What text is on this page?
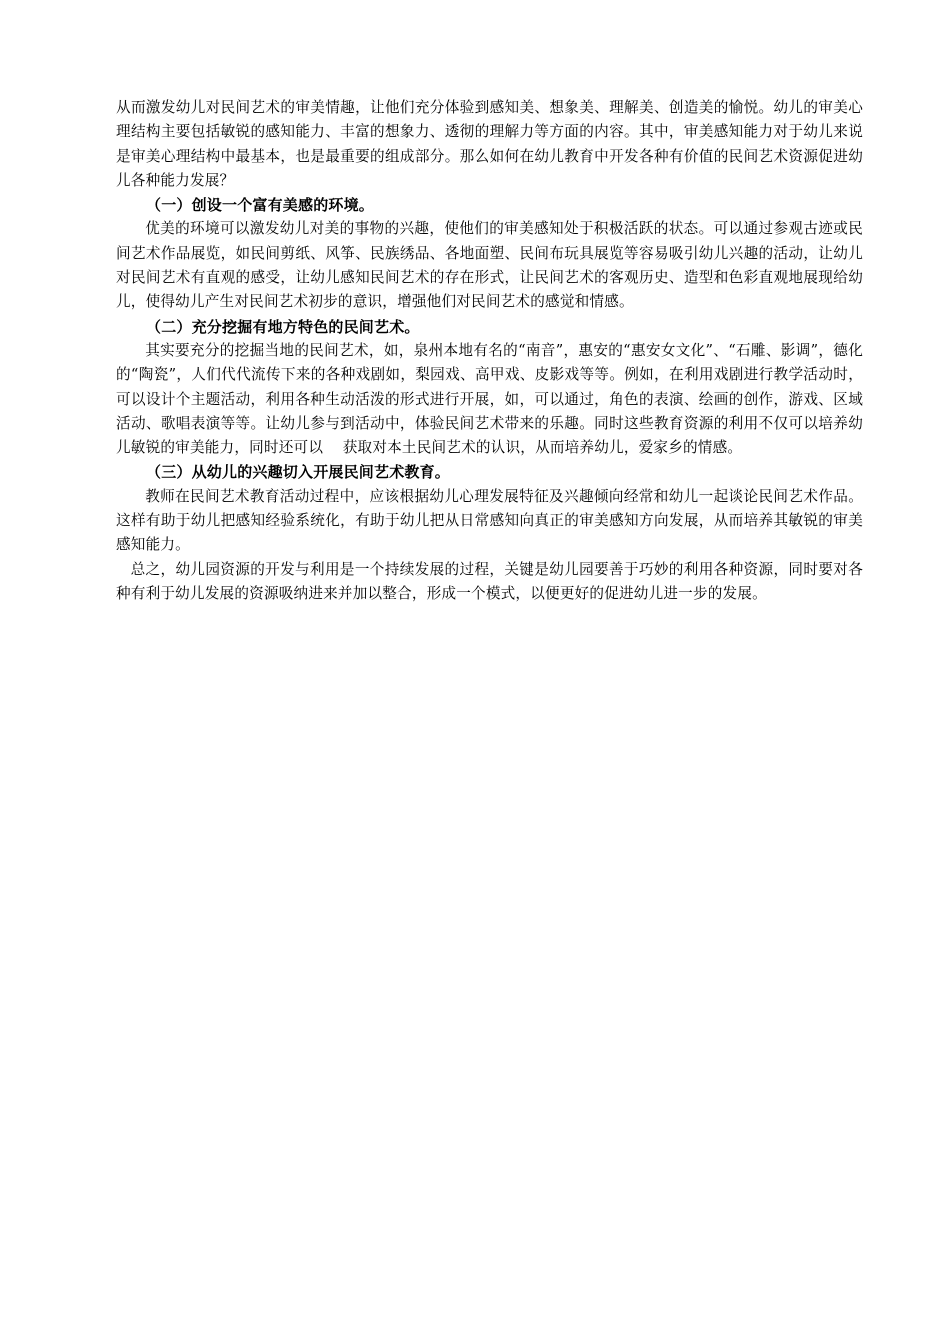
从而激发幼儿对民间艺术的审美情趣，让他们充分体验到感知美、想象美、理解美、创造美的愉悦。幼儿的审美心理结构主要包括敏锐的感知能力、丰富的想象力、透彻的理解力等方面的内容。其中，审美感知能力对于幼儿来说是审美心理结构中最基本，也是最重要的组成部分。那么如何在幼儿教育中开发各种有价值的民间艺术资源促进幼儿各种能力发展？

（一）创设一个富有美感的环境。

优美的环境可以激发幼儿对美的事物的兴趣，使他们的审美感知处于积极活跃的状态。可以通过参观古迹或民间艺术作品展览，如民间剪纸、风筝、民族绣品、各地面塑、民间布玩具展览等容易吸引幼儿兴趣的活动，让幼儿对民间艺术有直观的感受，让幼儿感知民间艺术的存在形式，让民间艺术的客观历史、造型和色彩直观地展现给幼儿，使得幼儿产生对民间艺术初步的意识，增强他们对民间艺术的感觉和情感。

（二）充分挖掘有地方特色的民间艺术。

其实要充分的挖掘当地的民间艺术，如，泉州本地有名的“南音”，惠安的“惠安女文化”、“石雕、影调”，德化的“陶瓷”，人们代代流传下来的各种戏剧如，梨园戏、高甲戏、皮影戏等等。例如，在利用戏剧进行教学活动时，可以设计个主题活动，利用各种生动活泼的形式进行开展，如，可以通过，角色的表演、绘画的创作，游戏、区域活动、歌唱表演等等。让幼儿参与到活动中，体验民间艺术带来的乐趣。同时这些教育资源的利用不仅可以培养幼儿敏锐的审美能力，同时还可以　 获取对本土民间艺术的认识，从而培养幼儿，爱家乡的情感。

（三）从幼儿的兴趣切入开展民间艺术教育。

教师在民间艺术教育活动过程中，应该根据幼儿心理发展特征及兴趣倾向经常和幼儿一起谈论民间艺术作品。这样有助于幼儿把感知经验系统化，有助于幼儿把从日常感知向真正的审美感知方向发展，从而培养其敏锐的审美感知能力。

总之，幼儿园资源的开发与利用是一个持续发展的过程，关键是幼儿园要善于巧妙的利用各种资源，同时要对各种有利于幼儿发展的资源吸纳进来并加以整合，形成一个模式，以便更好的促进幼儿进一步的发展。
